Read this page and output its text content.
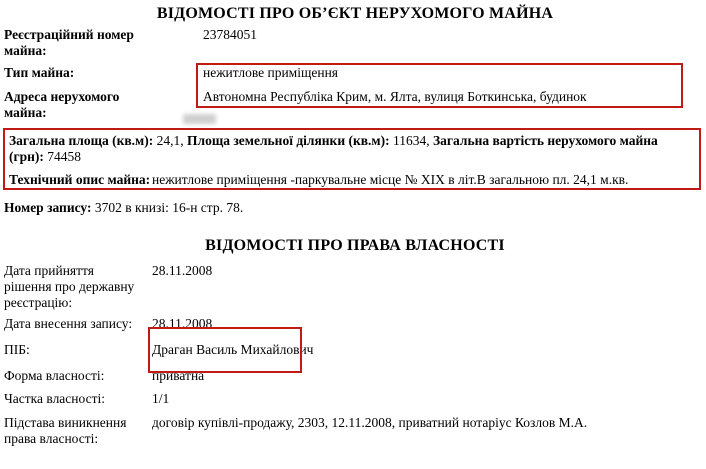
ВІДОМОСТІ ПРО ОБ’ЄКТ НЕРУХОМОГО МАЙНА
Реєстраційний номер майна:
23784051
Тип майна:	нежитлове приміщення
Адреса нерухомого майна:
Автономна Республіка Крим, м. Ялта, вулиця Боткинська, будинок

Загальна площа (кв.м): 24,1, Площа земельної ділянки (кв.м): 11634, Загальна вартість нерухомого майна (грн): 74458

Технічний опис майна: нежитлове приміщення -паркувальне місце № XIX в літ.В загальною пл. 24,1 м.кв.

Номер запису: 3702 в книзі: 16-н стр. 78.

ВІДОМОСТІ ПРО ПРАВА ВЛАСНОСТІ
Дата прийняття рішення про державну реєстрацію:
28.11.2008
Дата внесення запису:	28.11.2008
ПІБ:	Драган Василь Михайлович
Форма власності:	приватна
Частка власності:	1/1
Підстава виникнення права власності:
договір купівлі-продажу, 2303, 12.11.2008, приватний нотаріус Козлов М.А.
